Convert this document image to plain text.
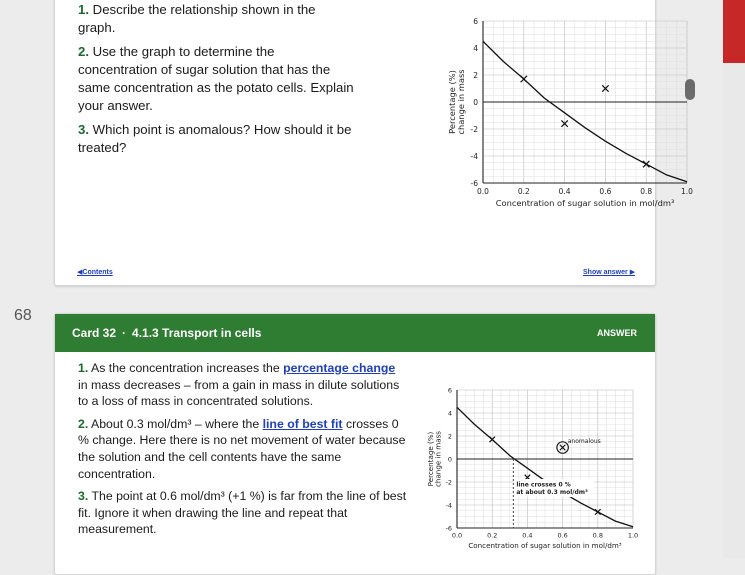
1. Describe the relationship shown in the graph.

2. Use the graph to determine the concentration of sugar solution that has the same concentration as the potato cells. Explain your answer.

3. Which point is anomalous? How should it be treated?

0.0	0.2	0.4	0.6	0.8	1.0
6
4
2
0
-2
-4
-6
Concentration of sugar solution in mol/dm³
Percentage (%) change in mass
◀Contents	Show answer ▶
68
Card 32 · 4.1.3 Transport in cells	ANSWER

1. As the concentration increases the percentage change in mass decreases – from a gain in mass in dilute solutions to a loss of mass in concentrated solutions.

2. About 0.3 mol/dm³ – where the line of best fit crosses 0 % change. Here there is no net movement of water because the solution and the cell contents have the same concentration.

3. The point at 0.6 mol/dm³ (+1 %) is far from the line of best fit. Ignore it when drawing the line and repeat that measurement.	0.0	0.2	0.4	0.6	0.8	1.0
6
4
2
0
-2
-4
-6
Concentration of sugar solution in mol/dm³
Percentage (%)
change in mass	anomalous
line crosses 0 %
at about 0.3 mol/dm³
